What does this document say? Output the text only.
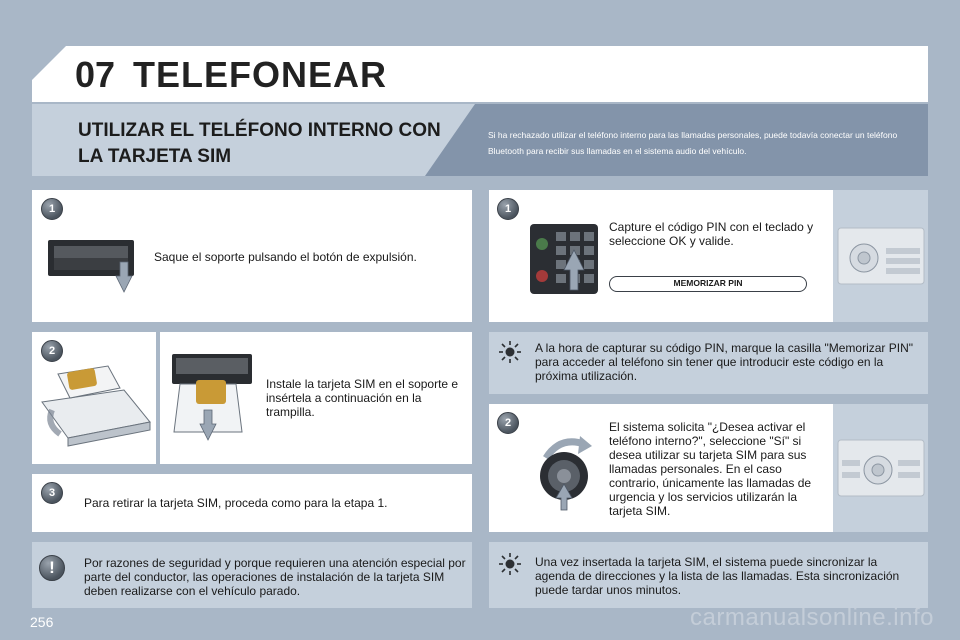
07 TELEFONEAR
UTILIZAR EL TELÉFONO INTERNO CON LA TARJETA SIM
Si ha rechazado utilizar el teléfono interno para las llamadas personales, puede todavía conectar un teléfono Bluetooth para recibir sus llamadas en el sistema audio del vehículo.
1
Saque el soporte pulsando el botón de expulsión.
2
Instale la tarjeta SIM en el soporte e insértela a continuación en la trampilla.
3
Para retirar la tarjeta SIM, proceda como para la etapa 1.
!	Por razones de seguridad y porque requieren una atención especial por parte del conductor, las operaciones de instalación de la tarjeta SIM deben realizarse con el vehículo parado.
1
Capture el código PIN con el teclado y seleccione OK y valide.
MEMORIZAR PIN
A la hora de capturar su código PIN, marque la casilla "Memorizar PIN" para acceder al teléfono sin tener que introducir este código en la próxima utilización.
2	El sistema solicita "¿Desea activar el teléfono interno?", seleccione "Sí" si desea utilizar su tarjeta SIM para sus llamadas personales. En el caso contrario, únicamente las llamadas de urgencia y los servicios utilizarán la tarjeta SIM.
Una vez insertada la tarjeta SIM, el sistema puede sincronizar la agenda de direcciones y la lista de las llamadas. Esta sincronización puede tardar unos minutos.
256	carmanualsonline.info
